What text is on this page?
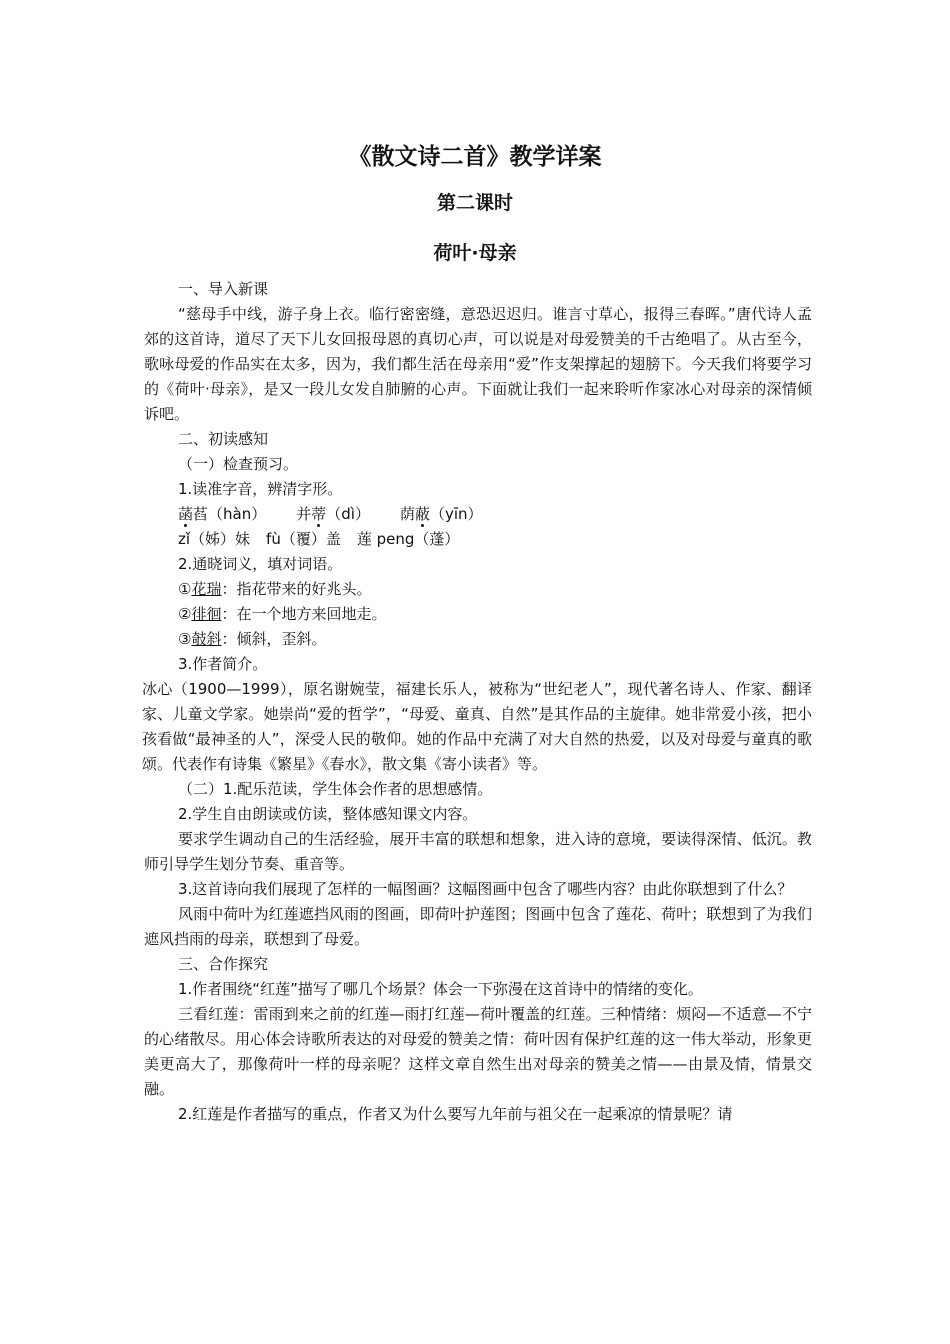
《散文诗二首》教学详案
第二课时
荷叶·母亲

一、导入新课

“慈母手中线，游子身上衣。临行密密缝，意恐迟迟归。谁言寸草心，报得三春晖。”唐代诗人孟郊的这首诗，道尽了天下儿女回报母恩的真切心声，可以说是对母爱赞美的千古绝唱了。从古至今，歌咏母爱的作品实在太多，因为，我们都生活在母亲用“爱”作支架撑起的翅膀下。今天我们将要学习的《荷叶·母亲》，是又一段儿女发自肺腑的心声。下面就让我们一起来聆听作家冰心对母亲的深情倾诉吧。

二、初读感知

（一）检查预习。

1.读准字音，辨清字形。

菡萏（hàn） 并蒂（dì） 荫蔽（yīn）

zǐ（姊）妹 fù（覆）盖 莲 peng（蓬）

2.通晓词义，填对词语。

①花瑞：指花带来的好兆头。

②徘徊：在一个地方来回地走。

③攲斜：倾斜，歪斜。

3.作者简介。

冰心（1900—1999），原名谢婉莹，福建长乐人，被称为“世纪老人”，现代著名诗人、作家、翻译家、儿童文学家。她崇尚“爱的哲学”，“母爱、童真、自然”是其作品的主旋律。她非常爱小孩，把小孩看做“最神圣的人”，深受人民的敬仰。她的作品中充满了对大自然的热爱，以及对母爱与童真的歌颂。代表作有诗集《繁星》《春水》，散文集《寄小读者》等。

（二）1.配乐范读，学生体会作者的思想感情。

2.学生自由朗读或仿读，整体感知课文内容。

要求学生调动自己的生活经验，展开丰富的联想和想象，进入诗的意境，要读得深情、低沉。教师引导学生划分节奏、重音等。

3.这首诗向我们展现了怎样的一幅图画？这幅图画中包含了哪些内容？由此你联想到了什么？

风雨中荷叶为红莲遮挡风雨的图画，即荷叶护莲图；图画中包含了莲花、荷叶；联想到了为我们遮风挡雨的母亲，联想到了母爱。

三、合作探究

1.作者围绕“红莲”描写了哪几个场景？体会一下弥漫在这首诗中的情绪的变化。

三看红莲：雷雨到来之前的红莲—雨打红莲—荷叶覆盖的红莲。三种情绪：烦闷—不适意—不宁的心绪散尽。用心体会诗歌所表达的对母爱的赞美之情：荷叶因有保护红莲的这一伟大举动，形象更美更高大了，那像荷叶一样的母亲呢？这样文章自然生出对母亲的赞美之情——由景及情，情景交融。

2.红莲是作者描写的重点，作者又为什么要写九年前与祖父在一起乘凉的情景呢？请
